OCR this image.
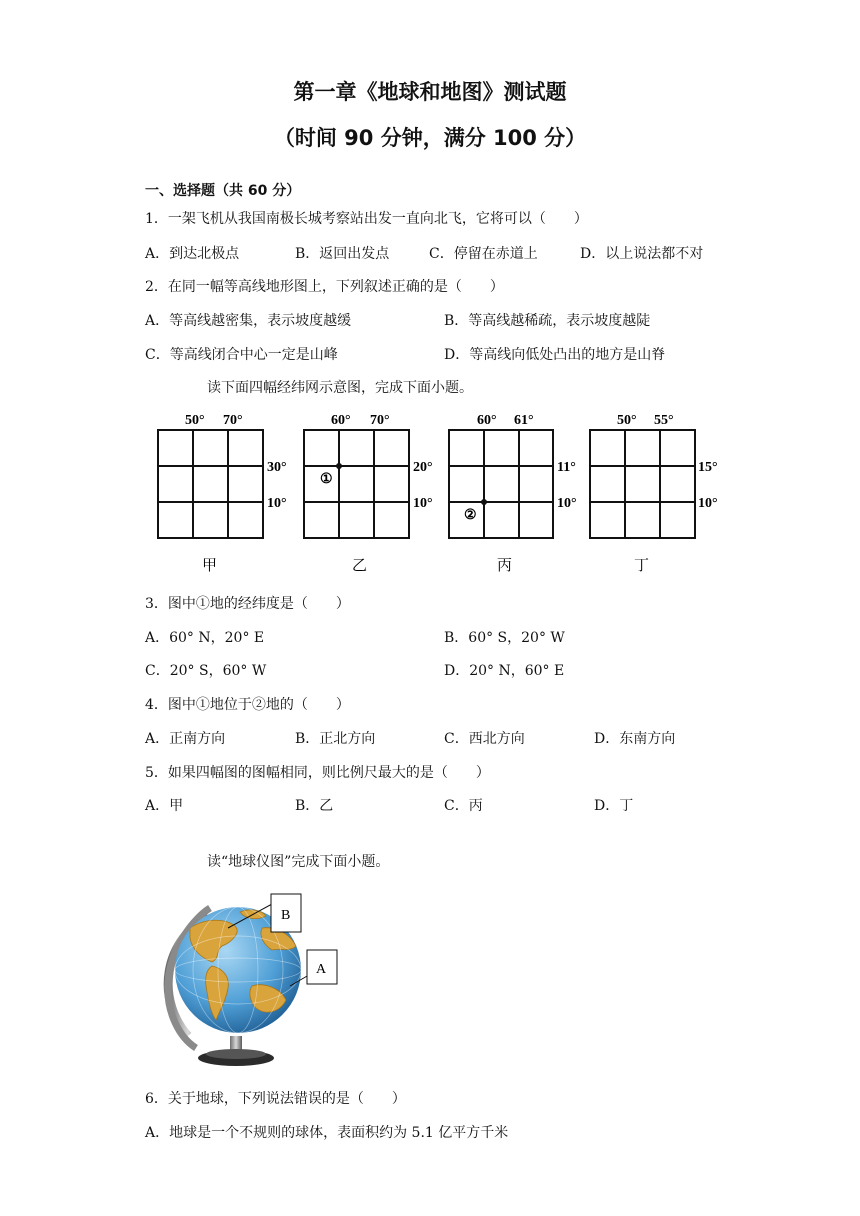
第一章《地球和地图》测试题
（时间 90 分钟，满分 100 分）
一、选择题（共 60 分）
1．一架飞机从我国南极长城考察站出发一直向北飞，它将可以（　　）
A．到达北极点	B．返回出发点	C．停留在赤道上	D．以上说法都不对
2．在同一幅等高线地形图上，下列叙述正确的是（　　）
A．等高线越密集，表示坡度越缓	B．等高线越稀疏，表示坡度越陡
C．等高线闭合中心一定是山峰	D．等高线向低处凸出的地方是山脊
读下面四幅经纬网示意图，完成下面小题。
50° 70°
30°
10°
甲
①
60° 70°
20°
10°
乙
②
60° 61°
11°
10°
丙
50° 55°
15°
10°
丁
3．图中①地的经纬度是（　　）
A．60° N，20° E	B．60° S，20° W
C．20° S，60° W	D．20° N，60° E
4．图中①地位于②地的（　　）
A．正南方向	B．正北方向	C．西北方向	D．东南方向
5．如果四幅图的图幅相同，则比例尺最大的是（　　）
A．甲	B．乙	C．丙	D．丁
读“地球仪图”完成下面小题。
B
A
6．关于地球，下列说法错误的是（　　）
A．地球是一个不规则的球体，表面积约为 5.1 亿平方千米
